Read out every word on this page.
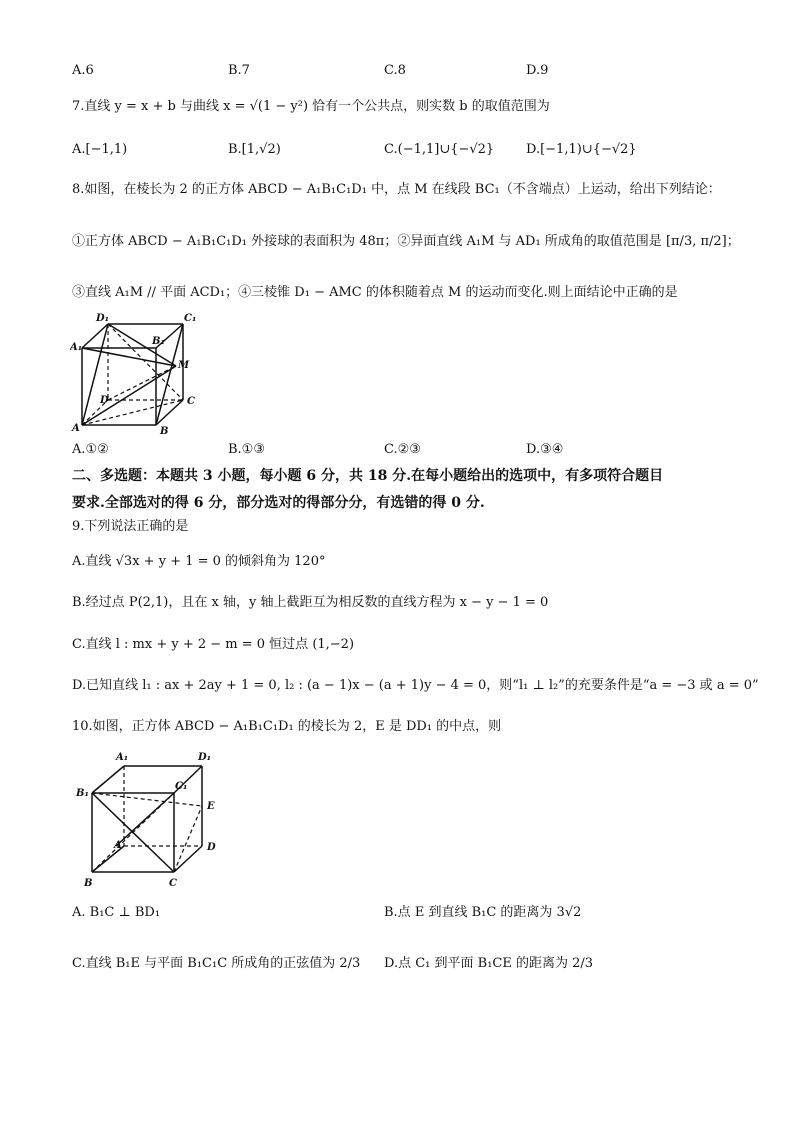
A.6	B.7	C.8	D.9
7.直线 y = x + b 与曲线 x = √(1 − y²) 恰有一个公共点，则实数 b 的取值范围为
A.[−1,1)	B.[1,√2)	C.(−1,1]∪{−√2} D.[−1,1)∪{−√2}
8.如图，在棱长为 2 的正方体 ABCD − A₁B₁C₁D₁ 中，点 M 在线段 BC₁（不含端点）上运动，给出下列结论：
①正方体 ABCD − A₁B₁C₁D₁ 外接球的表面积为 48π；②异面直线 A₁M 与 AD₁ 所成角的取值范围是 [π/3, π/2]；
③直线 A₁M // 平面 ACD₁；④三棱锥 D₁ − AMC 的体积随着点 M 的运动而变化.则上面结论中正确的是
D₁	C₁
A₁
B₁
M
D	C
A	B
A.①②	B.①③	C.②③	D.③④
二、多选题：本题共 3 小题，每小题 6 分，共 18 分.在每小题给出的选项中，有多项符合题目
要求.全部选对的得 6 分，部分选对的得部分分，有选错的得 0 分.
9.下列说法正确的是
A.直线 √3x + y + 1 = 0 的倾斜角为 120°
B.经过点 P(2,1)，且在 x 轴，y 轴上截距互为相反数的直线方程为 x − y − 1 = 0
C.直线 l : mx + y + 2 − m = 0 恒过点 (1,−2)
D.已知直线 l₁ : ax + 2ay + 1 = 0, l₂ : (a − 1)x − (a + 1)y − 4 = 0，则“l₁ ⊥ l₂”的充要条件是“a = −3 或 a = 0”
10.如图，正方体 ABCD − A₁B₁C₁D₁ 的棱长为 2，E 是 DD₁ 的中点，则
A₁	D₁
B₁
C₁
E
A	D
B	C
A. B₁C ⊥ BD₁	B.点 E 到直线 B₁C 的距离为 3√2
C.直线 B₁E 与平面 B₁C₁C 所成角的正弦值为 2/3 D.点 C₁ 到平面 B₁CE 的距离为 2/3
